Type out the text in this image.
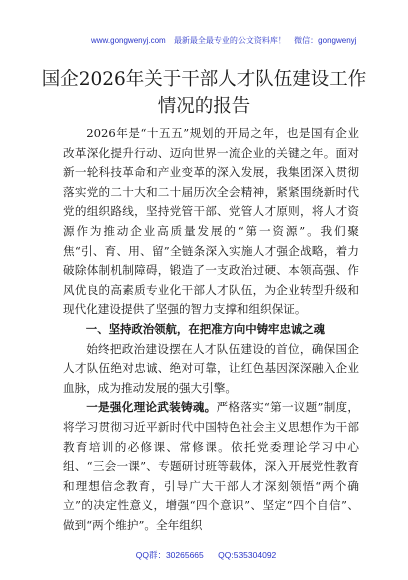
www.gongwenyj.com 最新最全最专业的公文资料库！ 微信：gongwenyj
国企2026年关于干部人才队伍建设工作情况的报告

2026年是“十五五”规划的开局之年，也是国有企业改革深化提升行动、迈向世界一流企业的关键之年。面对新一轮科技革命和产业变革的深入发展，我集团深入贯彻落实党的二十大和二十届历次全会精神，紧紧围绕新时代党的组织路线，坚持党管干部、党管人才原则，将人才资源作为推动企业高质量发展的“第一资源”。我们聚焦“引、育、用、留”全链条深入实施人才强企战略，着力破除体制机制障碍，锻造了一支政治过硬、本领高强、作风优良的高素质专业化干部人才队伍，为企业转型升级和现代化建设提供了坚强的智力支撑和组织保证。

一、坚持政治领航，在把准方向中铸牢忠诚之魂

始终把政治建设摆在人才队伍建设的首位，确保国企人才队伍绝对忠诚、绝对可靠，让红色基因深深融入企业血脉，成为推动发展的强大引擎。

一是强化理论武装铸魂。严格落实“第一议题”制度，将学习贯彻习近平新时代中国特色社会主义思想作为干部教育培训的必修课、常修课。依托党委理论学习中心组、“三会一课”、专题研讨班等载体，深入开展党性教育和理想信念教育，引导广大干部人才深刻领悟“两个确立”的决定性意义，增强“四个意识”、坚定“四个自信”、做到“两个维护”。全年组织

QQ群：30265665 QQ:535304092
